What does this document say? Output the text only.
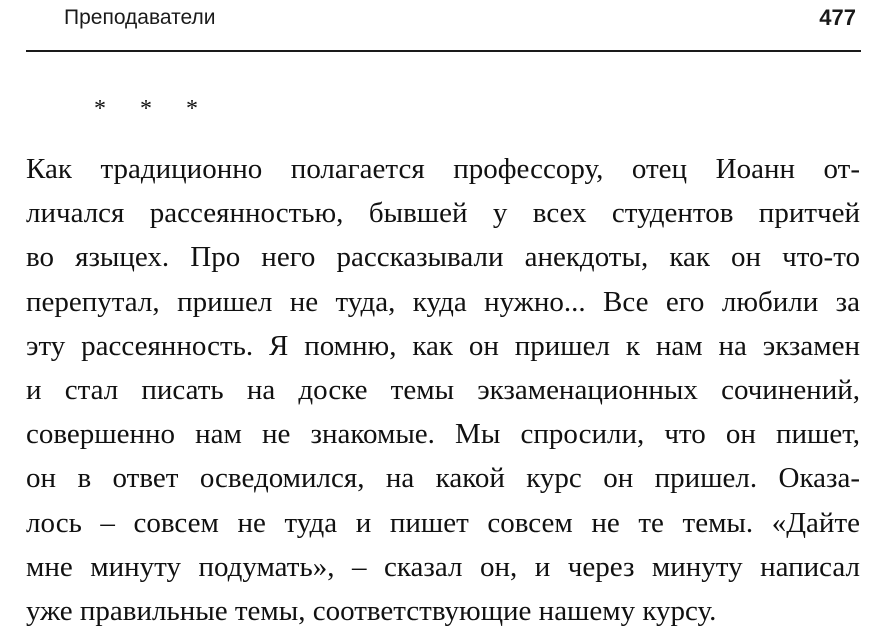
Преподаватели	477
* * *
Как традиционно полагается профессору, отец Иоанн от-
личался рассеянностью, бывшей у всех студентов притчей
во языцех. Про него рассказывали анекдоты, как он что-то
перепутал, пришел не туда, куда нужно... Все его любили за
эту рассеянность. Я помню, как он пришел к нам на экзамен
и стал писать на доске темы экзаменационных сочинений,
совершенно нам не знакомые. Мы спросили, что он пишет,
он в ответ осведомился, на какой курс он пришел. Оказа-
лось – совсем не туда и пишет совсем не те темы. «Дайте
мне минуту подумать», – сказал он, и через минуту написал
уже правильные темы, соответствующие нашему курсу.
